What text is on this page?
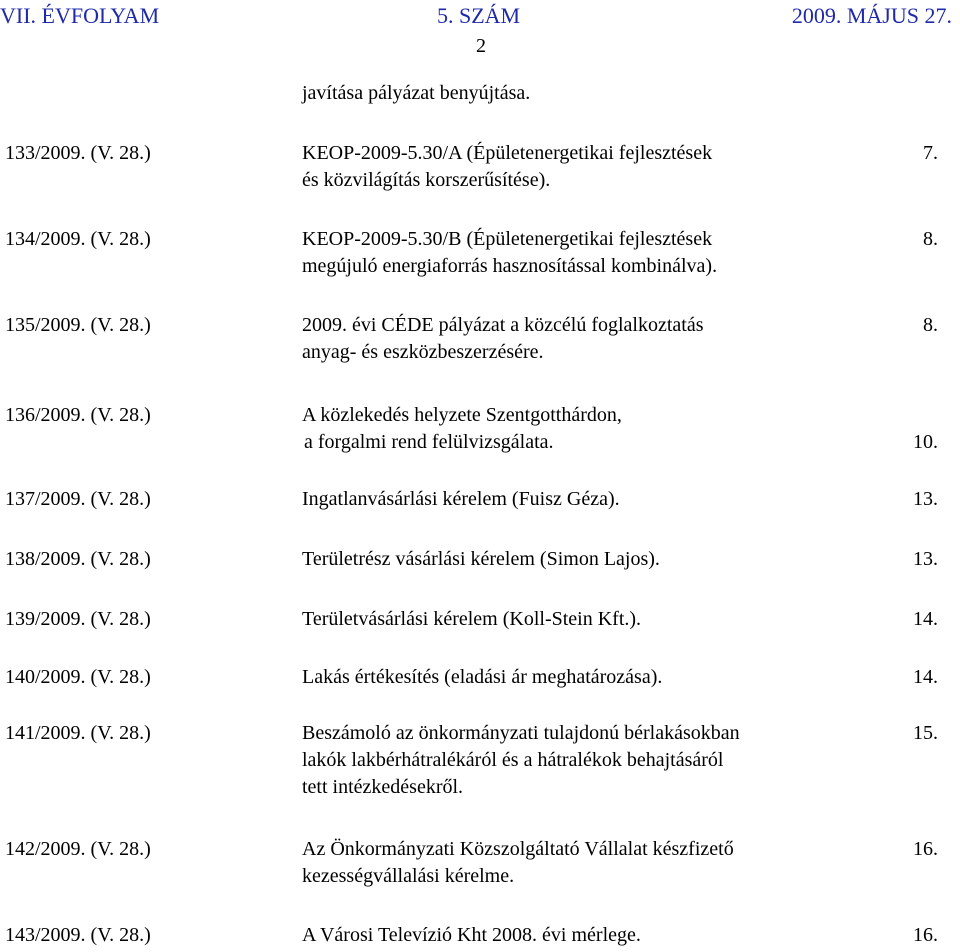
VII. ÉVFOLYAM	5. SZÁM	2009. MÁJUS 27.
2
javítása pályázat benyújtása.
133/2009. (V. 28.)	KEOP-2009-5.30/A (Épületenergetikai fejlesztések
és közvilágítás korszerűsítése).
7.
134/2009. (V. 28.)	KEOP-2009-5.30/B (Épületenergetikai fejlesztések
megújuló energiaforrás hasznosítással kombinálva).
8.
135/2009. (V. 28.)	2009. évi CÉDE pályázat a közcélú foglalkoztatás
anyag- és eszközbeszerzésére.
8.
136/2009. (V. 28.)	A közlekedés helyzete Szentgotthárdon,
a forgalmi rend felülvizsgálata.	10.
137/2009. (V. 28.)	Ingatlanvásárlási kérelem (Fuisz Géza).	13.
138/2009. (V. 28.)	Területrész vásárlási kérelem (Simon Lajos).	13.
139/2009. (V. 28.)	Területvásárlási kérelem (Koll-Stein Kft.).	14.
140/2009. (V. 28.)	Lakás értékesítés (eladási ár meghatározása).	14.
141/2009. (V. 28.)	Beszámoló az önkormányzati tulajdonú bérlakásokban
lakók lakbérhátralékáról és a hátralékok behajtásáról
tett intézkedésekről.
15.
142/2009. (V. 28.)	Az Önkormányzati Közszolgáltató Vállalat készfizető
kezességvállalási kérelme.
16.
143/2009. (V. 28.)	A Városi Televízió Kht 2008. évi mérlege.	16.
